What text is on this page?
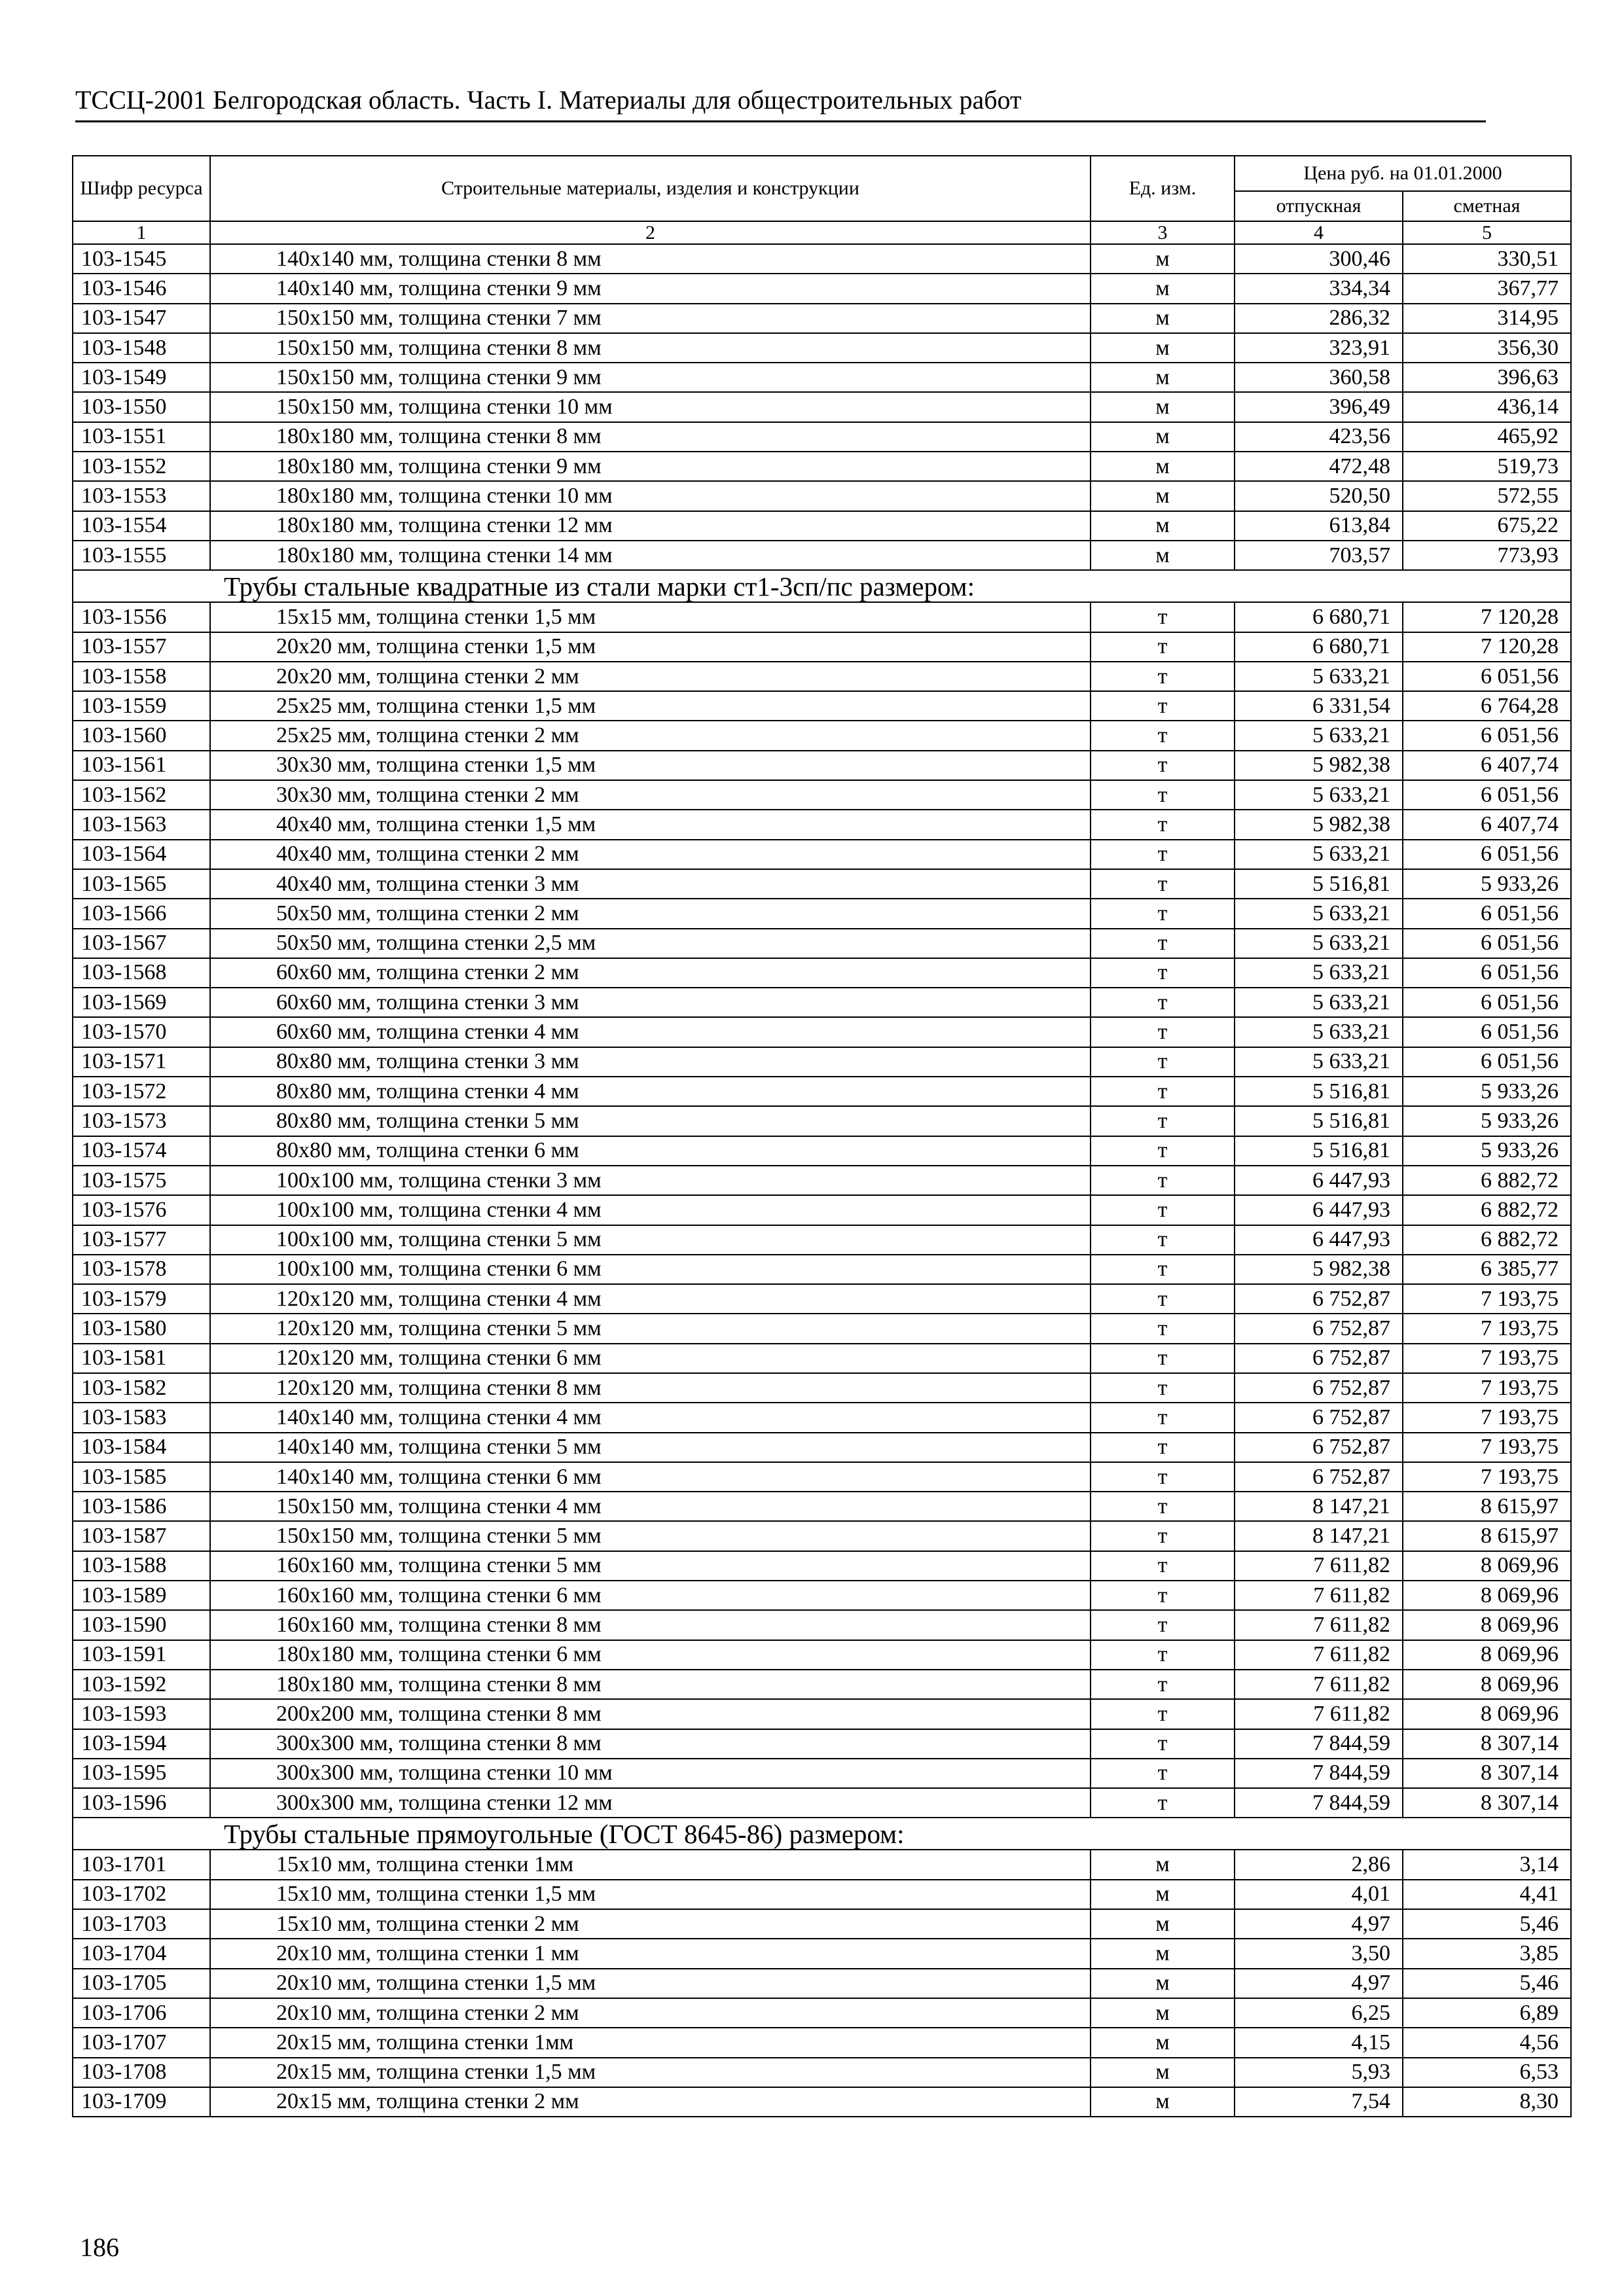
ТССЦ-2001 Белгородская область. Часть I. Материалы для общестроительных работ
Шифр ресурса	Строительные материалы, изделия и конструкции	Ед. изм.	Цена руб. на 01.01.2000	
			отпускная	сметная
1	2	3	4	5
103-1545	140x140 мм, толщина стенки 8 мм	м	300,46	330,51
103-1546	140x140 мм, толщина стенки 9 мм	м	334,34	367,77
103-1547	150x150 мм, толщина стенки 7 мм	м	286,32	314,95
103-1548	150x150 мм, толщина стенки 8 мм	м	323,91	356,30
103-1549	150x150 мм, толщина стенки 9 мм	м	360,58	396,63
103-1550	150x150 мм, толщина стенки 10 мм	м	396,49	436,14
103-1551	180x180 мм, толщина стенки 8 мм	м	423,56	465,92
103-1552	180x180 мм, толщина стенки 9 мм	м	472,48	519,73
103-1553	180x180 мм, толщина стенки 10 мм	м	520,50	572,55
103-1554	180x180 мм, толщина стенки 12 мм	м	613,84	675,22
103-1555	180x180 мм, толщина стенки 14 мм	м	703,57	773,93
Трубы стальные квадратные из стали марки ст1-3сп/пс размером:				
103-1556	15x15 мм, толщина стенки 1,5 мм	т	6 680,71	7 120,28
103-1557	20x20 мм, толщина стенки 1,5 мм	т	6 680,71	7 120,28
103-1558	20x20 мм, толщина стенки 2 мм	т	5 633,21	6 051,56
103-1559	25x25 мм, толщина стенки 1,5 мм	т	6 331,54	6 764,28
103-1560	25x25 мм, толщина стенки 2 мм	т	5 633,21	6 051,56
103-1561	30x30 мм, толщина стенки 1,5 мм	т	5 982,38	6 407,74
103-1562	30x30 мм, толщина стенки 2 мм	т	5 633,21	6 051,56
103-1563	40x40 мм, толщина стенки 1,5 мм	т	5 982,38	6 407,74
103-1564	40x40 мм, толщина стенки 2 мм	т	5 633,21	6 051,56
103-1565	40x40 мм, толщина стенки 3 мм	т	5 516,81	5 933,26
103-1566	50x50 мм, толщина стенки 2 мм	т	5 633,21	6 051,56
103-1567	50x50 мм, толщина стенки 2,5 мм	т	5 633,21	6 051,56
103-1568	60x60 мм, толщина стенки 2 мм	т	5 633,21	6 051,56
103-1569	60x60 мм, толщина стенки 3 мм	т	5 633,21	6 051,56
103-1570	60x60 мм, толщина стенки 4 мм	т	5 633,21	6 051,56
103-1571	80x80 мм, толщина стенки 3 мм	т	5 633,21	6 051,56
103-1572	80x80 мм, толщина стенки 4 мм	т	5 516,81	5 933,26
103-1573	80x80 мм, толщина стенки 5 мм	т	5 516,81	5 933,26
103-1574	80x80 мм, толщина стенки 6 мм	т	5 516,81	5 933,26
103-1575	100x100 мм, толщина стенки 3 мм	т	6 447,93	6 882,72
103-1576	100x100 мм, толщина стенки 4 мм	т	6 447,93	6 882,72
103-1577	100x100 мм, толщина стенки 5 мм	т	6 447,93	6 882,72
103-1578	100x100 мм, толщина стенки 6 мм	т	5 982,38	6 385,77
103-1579	120x120 мм, толщина стенки 4 мм	т	6 752,87	7 193,75
103-1580	120x120 мм, толщина стенки 5 мм	т	6 752,87	7 193,75
103-1581	120x120 мм, толщина стенки 6 мм	т	6 752,87	7 193,75
103-1582	120x120 мм, толщина стенки 8 мм	т	6 752,87	7 193,75
103-1583	140x140 мм, толщина стенки 4 мм	т	6 752,87	7 193,75
103-1584	140x140 мм, толщина стенки 5 мм	т	6 752,87	7 193,75
103-1585	140x140 мм, толщина стенки 6 мм	т	6 752,87	7 193,75
103-1586	150x150 мм, толщина стенки 4 мм	т	8 147,21	8 615,97
103-1587	150x150 мм, толщина стенки 5 мм	т	8 147,21	8 615,97
103-1588	160x160 мм, толщина стенки 5 мм	т	7 611,82	8 069,96
103-1589	160x160 мм, толщина стенки 6 мм	т	7 611,82	8 069,96
103-1590	160x160 мм, толщина стенки 8 мм	т	7 611,82	8 069,96
103-1591	180x180 мм, толщина стенки 6 мм	т	7 611,82	8 069,96
103-1592	180x180 мм, толщина стенки 8 мм	т	7 611,82	8 069,96
103-1593	200x200 мм, толщина стенки 8 мм	т	7 611,82	8 069,96
103-1594	300x300 мм, толщина стенки 8 мм	т	7 844,59	8 307,14
103-1595	300x300 мм, толщина стенки 10 мм	т	7 844,59	8 307,14
103-1596	300x300 мм, толщина стенки 12 мм	т	7 844,59	8 307,14
Трубы стальные прямоугольные (ГОСТ 8645-86) размером:				
103-1701	15x10 мм, толщина стенки 1мм	м	2,86	3,14
103-1702	15x10 мм, толщина стенки 1,5 мм	м	4,01	4,41
103-1703	15x10 мм, толщина стенки 2 мм	м	4,97	5,46
103-1704	20x10 мм, толщина стенки 1 мм	м	3,50	3,85
103-1705	20x10 мм, толщина стенки 1,5 мм	м	4,97	5,46
103-1706	20x10 мм, толщина стенки 2 мм	м	6,25	6,89
103-1707	20x15 мм, толщина стенки 1мм	м	4,15	4,56
103-1708	20x15 мм, толщина стенки 1,5 мм	м	5,93	6,53
103-1709	20x15 мм, толщина стенки 2 мм	м	7,54	8,30
186
